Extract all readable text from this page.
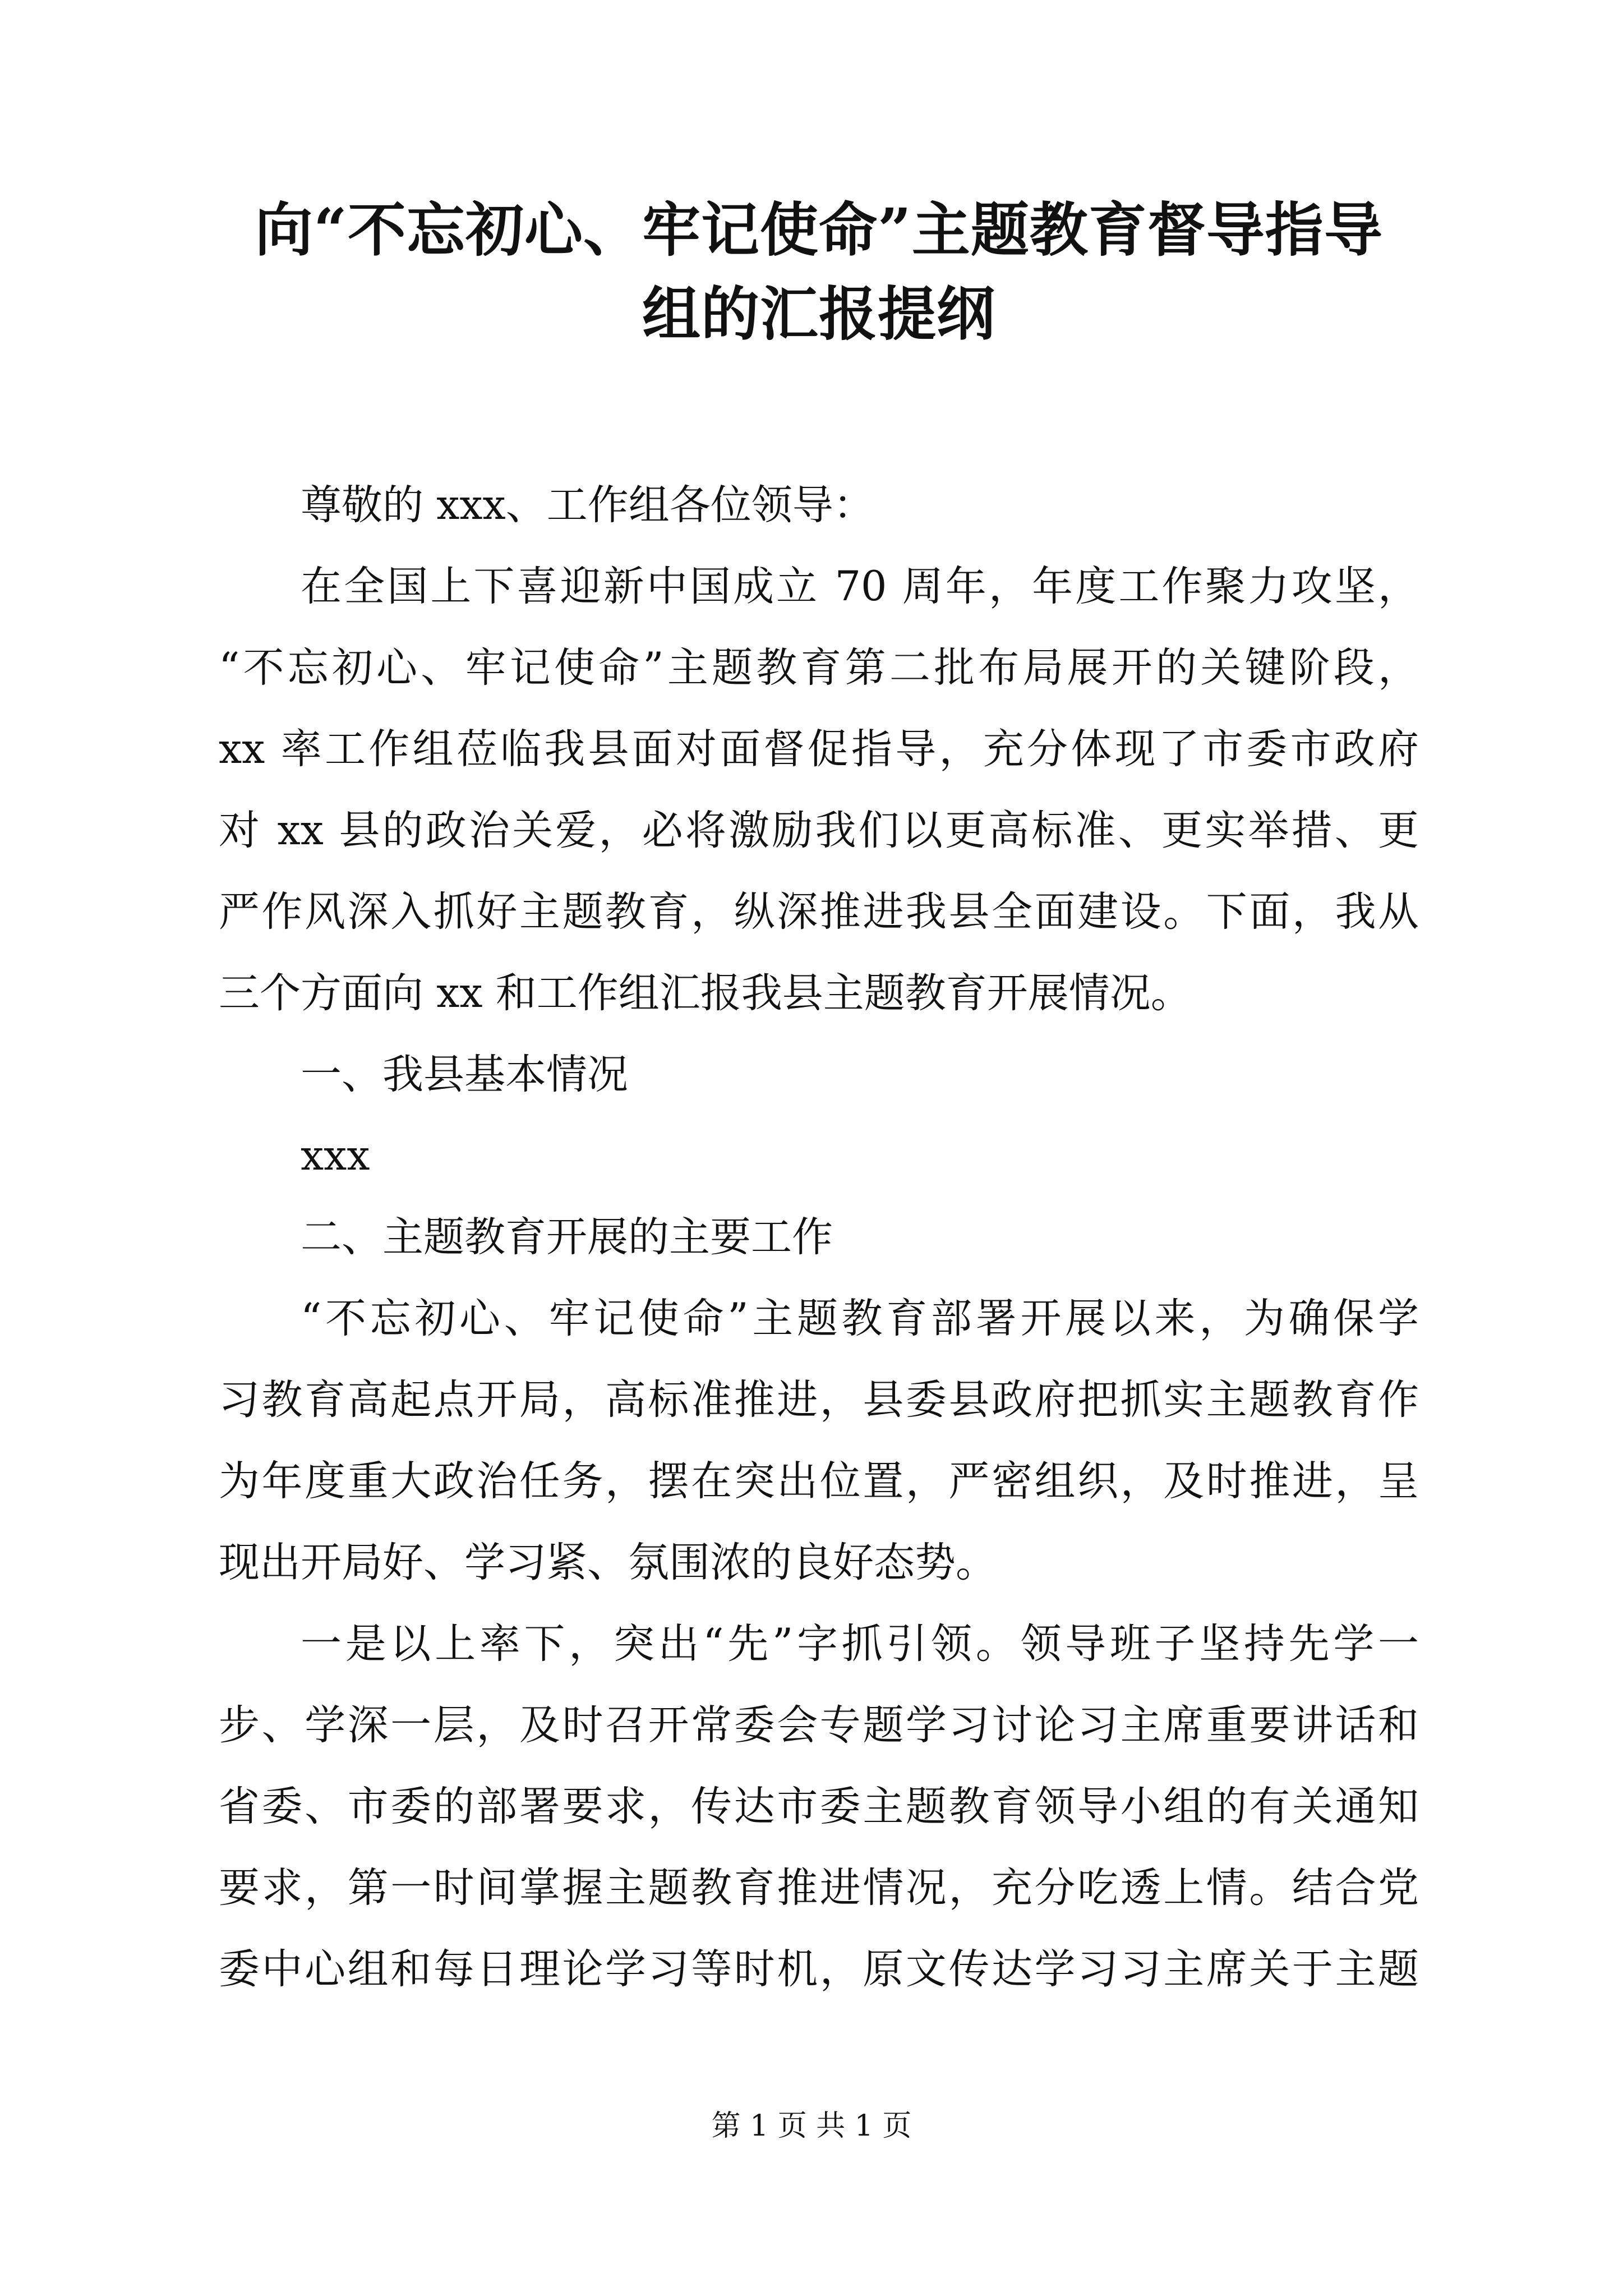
向“不忘初心、牢记使命”主题教育督导指导
组的汇报提纲
尊敬的 xxx、工作组各位领导：
在全国上下喜迎新中国成立 70 周年，年度工作聚力攻坚，
“不忘初心、牢记使命”主题教育第二批布局展开的关键阶段，
xx 率工作组莅临我县面对面督促指导，充分体现了市委市政府
对 xx 县的政治关爱，必将激励我们以更高标准、更实举措、更
严作风深入抓好主题教育，纵深推进我县全面建设。下面，我从
三个方面向 xx 和工作组汇报我县主题教育开展情况。
一、我县基本情况
xxx
二、主题教育开展的主要工作
“不忘初心、牢记使命”主题教育部署开展以来，为确保学
习教育高起点开局，高标准推进，县委县政府把抓实主题教育作
为年度重大政治任务，摆在突出位置，严密组织，及时推进，呈
现出开局好、学习紧、氛围浓的良好态势。
一是以上率下，突出“先”字抓引领。领导班子坚持先学一
步、学深一层，及时召开常委会专题学习讨论习主席重要讲话和
省委、市委的部署要求，传达市委主题教育领导小组的有关通知
要求，第一时间掌握主题教育推进情况，充分吃透上情。结合党
委中心组和每日理论学习等时机，原文传达学习习主席关于主题
第 1 页 共 1 页
